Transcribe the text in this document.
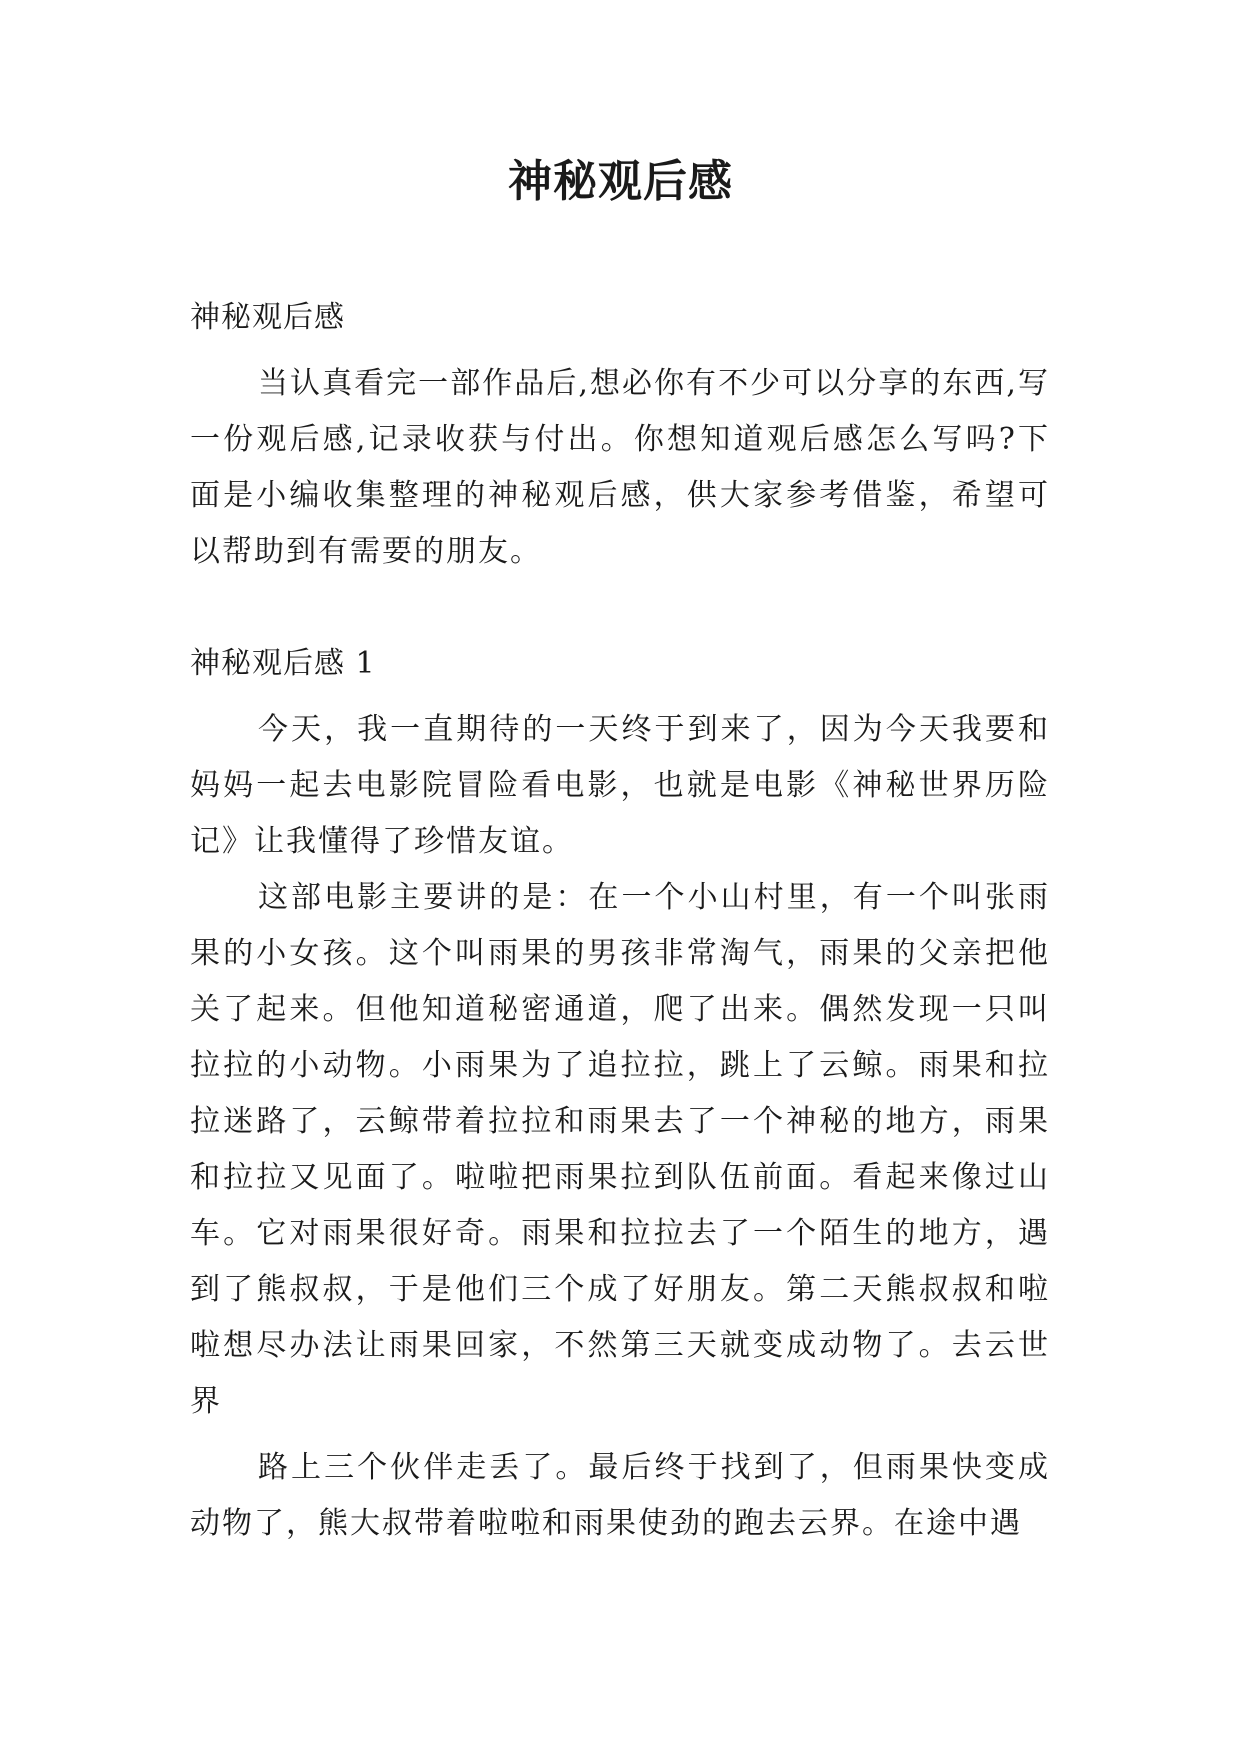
神秘观后感

神秘观后感

当认真看完一部作品后,想必你有不少可以分享的东西,写一份观后感,记录收获与付出。你想知道观后感怎么写吗?下面是小编收集整理的神秘观后感，供大家参考借鉴，希望可以帮助到有需要的朋友。

神秘观后感 1

今天，我一直期待的一天终于到来了，因为今天我要和妈妈一起去电影院冒险看电影，也就是电影《神秘世界历险记》让我懂得了珍惜友谊。

这部电影主要讲的是：在一个小山村里，有一个叫张雨果的小女孩。这个叫雨果的男孩非常淘气，雨果的父亲把他关了起来。但他知道秘密通道，爬了出来。偶然发现一只叫拉拉的小动物。小雨果为了追拉拉，跳上了云鲸。雨果和拉拉迷路了，云鲸带着拉拉和雨果去了一个神秘的地方，雨果和拉拉又见面了。啦啦把雨果拉到队伍前面。看起来像过山车。它对雨果很好奇。雨果和拉拉去了一个陌生的地方，遇到了熊叔叔，于是他们三个成了好朋友。第二天熊叔叔和啦啦想尽办法让雨果回家，不然第三天就变成动物了。去云世界

路上三个伙伴走丢了。最后终于找到了，但雨果快变成动物了，熊大叔带着啦啦和雨果使劲的跑去云界。在途中遇
